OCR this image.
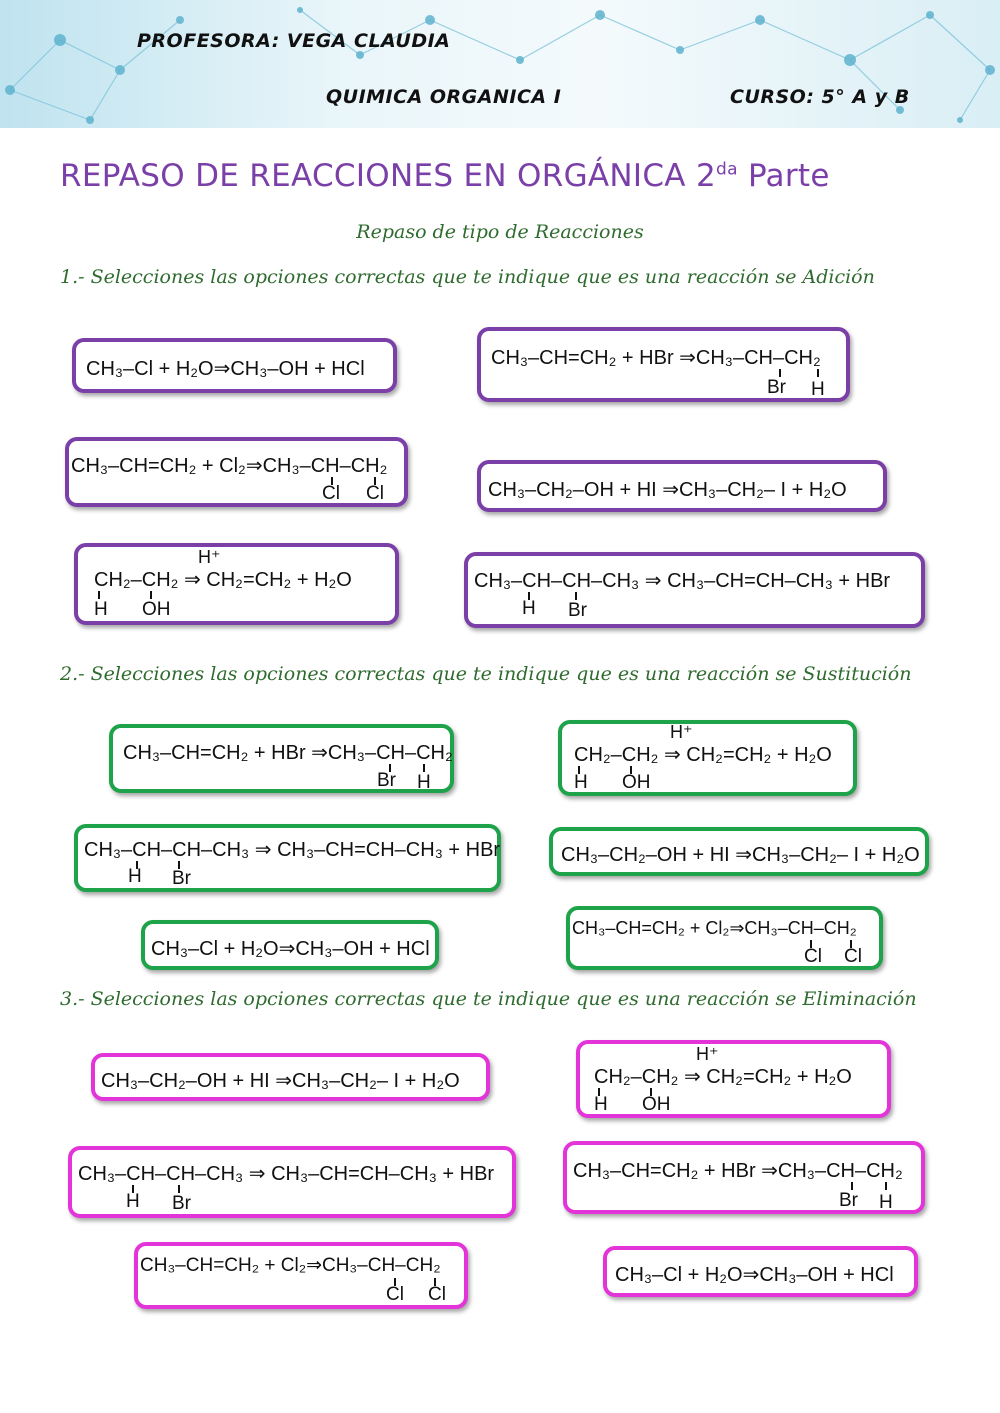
PROFESORA: VEGA CLAUDIA
QUIMICA ORGANICA I	CURSO: 5° A y B
REPASO DE REACCIONES EN ORGÁNICA $2^{da}$ Parte
Repaso de tipo de Reacciones
1.- Selecciones las opciones correctas que te indique que es una reacción se Adición
CH₃–Cl + H₂O⇒CH₃–OH + HCl	CH₃–CH=CH₂ + HBr ⇒CH₃–CH–CH₂
Br H
CH₃–CH=CH₂ + Cl₂⇒CH₃–CH–CH₂
Cl Cl	CH₃–CH₂–OH + HI ⇒CH₃–CH₂– I + H₂O
H⁺
CH₂–CH₂ ⇒ CH₂=CH₂ + H₂O
H OH
CH₃–CH–CH–CH₃ ⇒ CH₃–CH=CH–CH₃ + HBr
H Br
2.- Selecciones las opciones correctas que te indique que es una reacción se Sustitución
CH₃–CH=CH₂ + HBr ⇒CH₃–CH–CH₂
Br H
H⁺
CH₂–CH₂ ⇒ CH₂=CH₂ + H₂O
H OH
CH₃–CH–CH–CH₃ ⇒ CH₃–CH=CH–CH₃ + HBr
H Br
CH₃–CH₂–OH + HI ⇒CH₃–CH₂– I + H₂O
CH₃–Cl + H₂O⇒CH₃–OH + HCl
CH₃–CH=CH₂ + Cl₂⇒CH₃–CH–CH₂
Cl Cl
3.- Selecciones las opciones correctas que te indique que es una reacción se Eliminación
CH₃–CH₂–OH + HI ⇒CH₃–CH₂– I + H₂O
H⁺
CH₂–CH₂ ⇒ CH₂=CH₂ + H₂O
H OH
CH₃–CH–CH–CH₃ ⇒ CH₃–CH=CH–CH₃ + HBr
H Br
CH₃–CH=CH₂ + HBr ⇒CH₃–CH–CH₂
Br H
CH₃–CH=CH₂ + Cl₂⇒CH₃–CH–CH₂
Cl Cl
CH₃–Cl + H₂O⇒CH₃–OH + HCl
